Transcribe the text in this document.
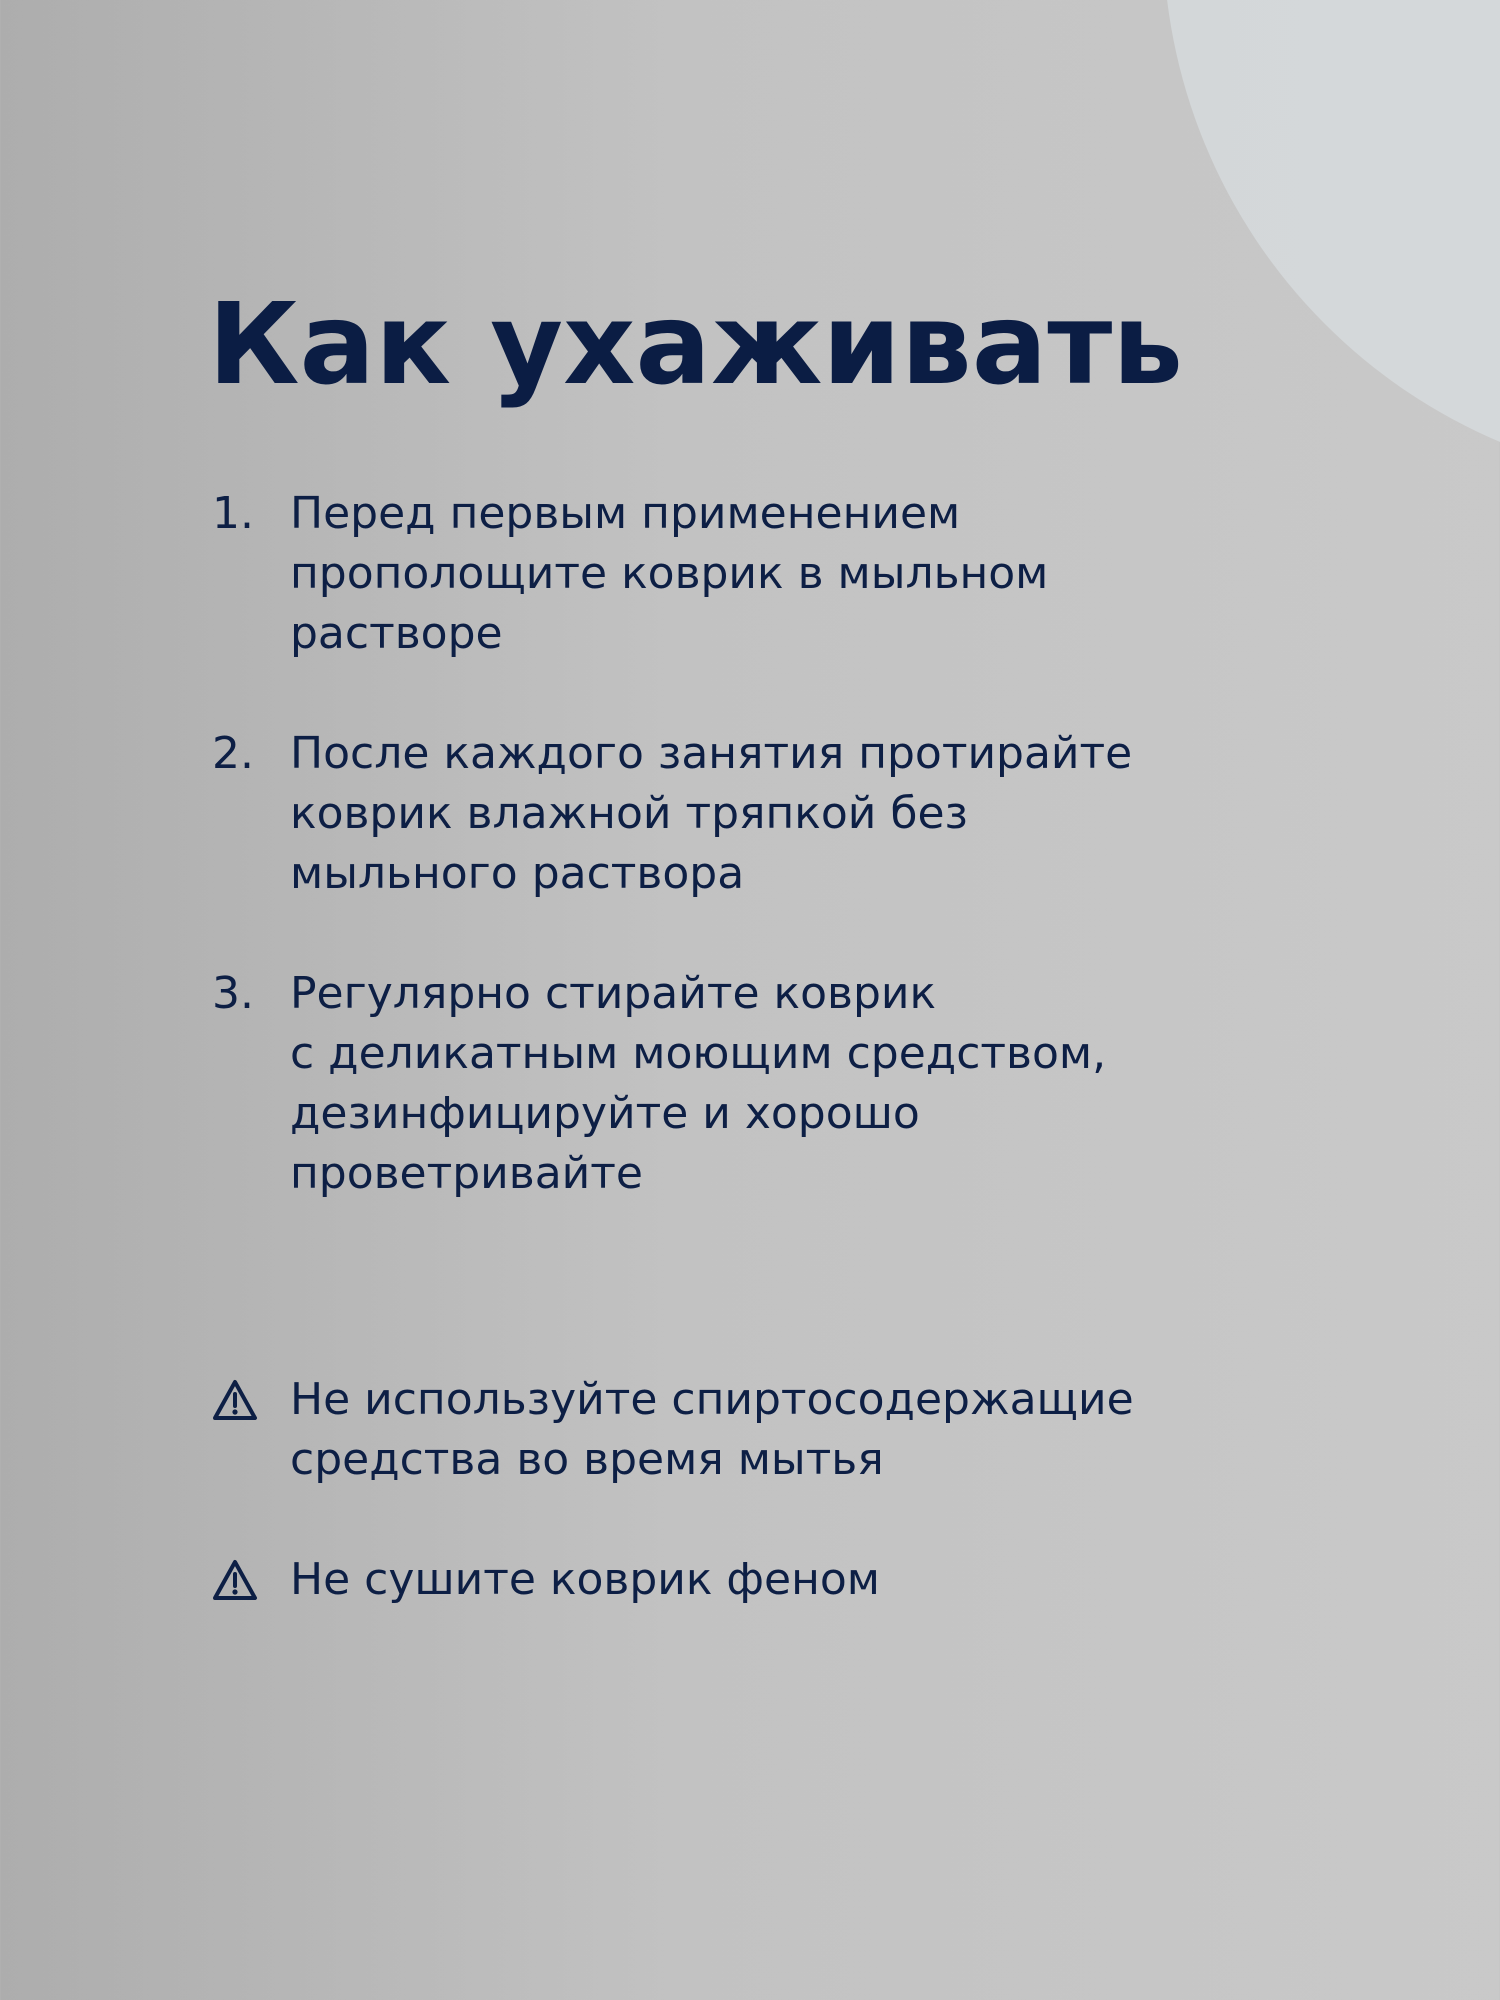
Как ухаживать
1. Перед первым применением
прополощите коврик в мыльном
растворе
2. После каждого занятия протирайте
коврик влажной тряпкой без
мыльного раствора
3. Регулярно стирайте коврик
с деликатным моющим средством,
дезинфицируйте и хорошо
проветривайте
Не используйте спиртосодержащие
средства во время мытья
Не сушите коврик феном
